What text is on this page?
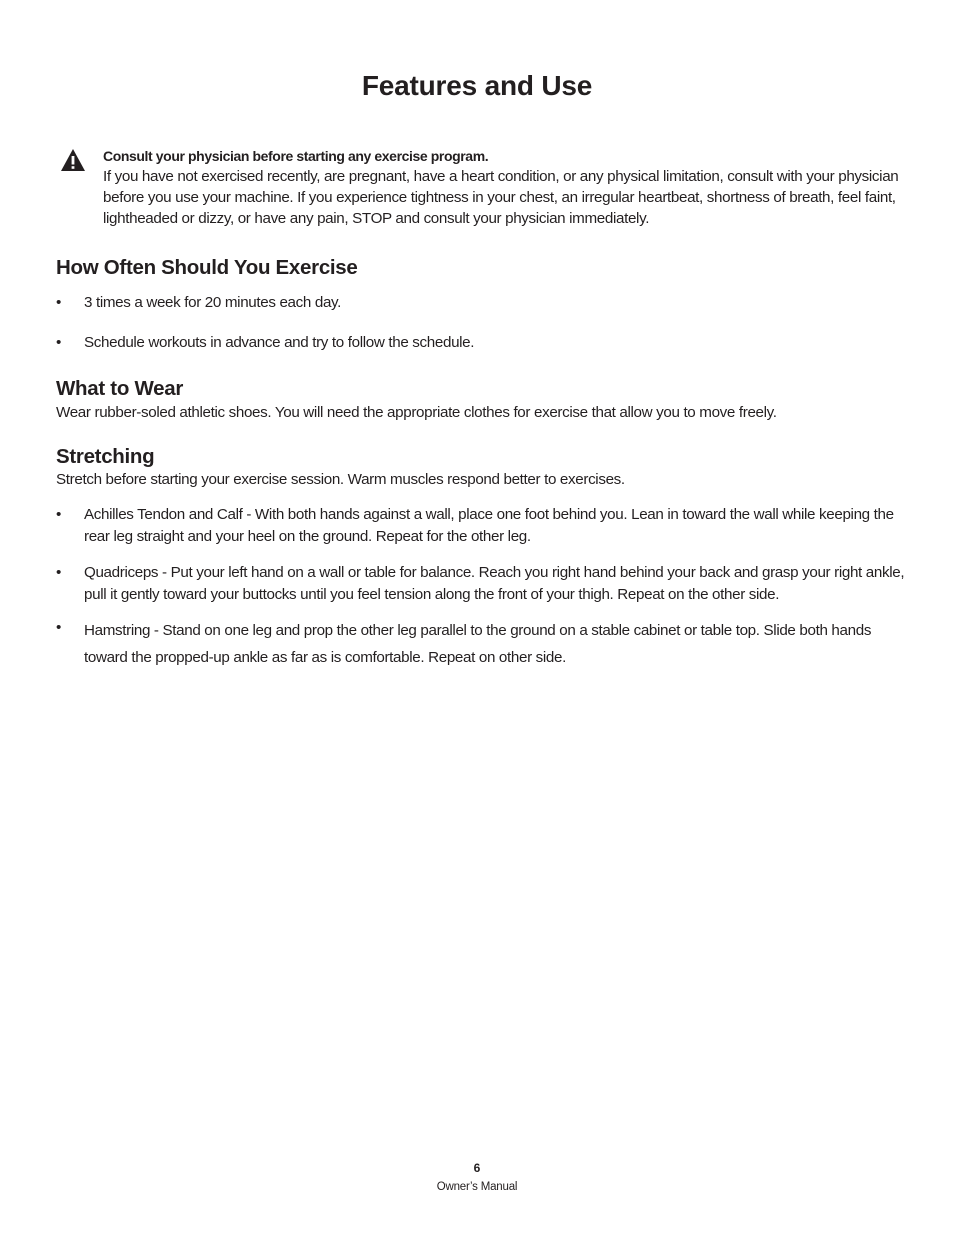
Features and Use
Consult your physician before starting any exercise program.
If you have not exercised recently, are pregnant, have a heart condition, or any physical limitation, consult with your physician before you use your machine. If you experience tightness in your chest, an irregular heartbeat, shortness of breath, feel faint, lightheaded or dizzy, or have any pain, STOP and consult your physician immediately.
How Often Should You Exercise
• 3 times a week for 20 minutes each day.
• Schedule workouts in advance and try to follow the schedule.
What to Wear

Wear rubber-soled athletic shoes. You will need the appropriate clothes for exercise that allow you to move freely.

Stretching

Stretch before starting your exercise session. Warm muscles respond better to exercises.

• Achilles Tendon and Calf - With both hands against a wall, place one foot behind you. Lean in toward the wall while keeping the rear leg straight and your heel on the ground. Repeat for the other leg.
• Quadriceps - Put your left hand on a wall or table for balance. Reach you right hand behind your back and grasp your right ankle, pull it gently toward your buttocks until you feel tension along the front of your thigh. Repeat on the other side.
• Hamstring - Stand on one leg and prop the other leg parallel to the ground on a stable cabinet or table top. Slide both hands toward the propped-up ankle as far as is comfortable. Repeat on other side.
6
Owner’s Manual
